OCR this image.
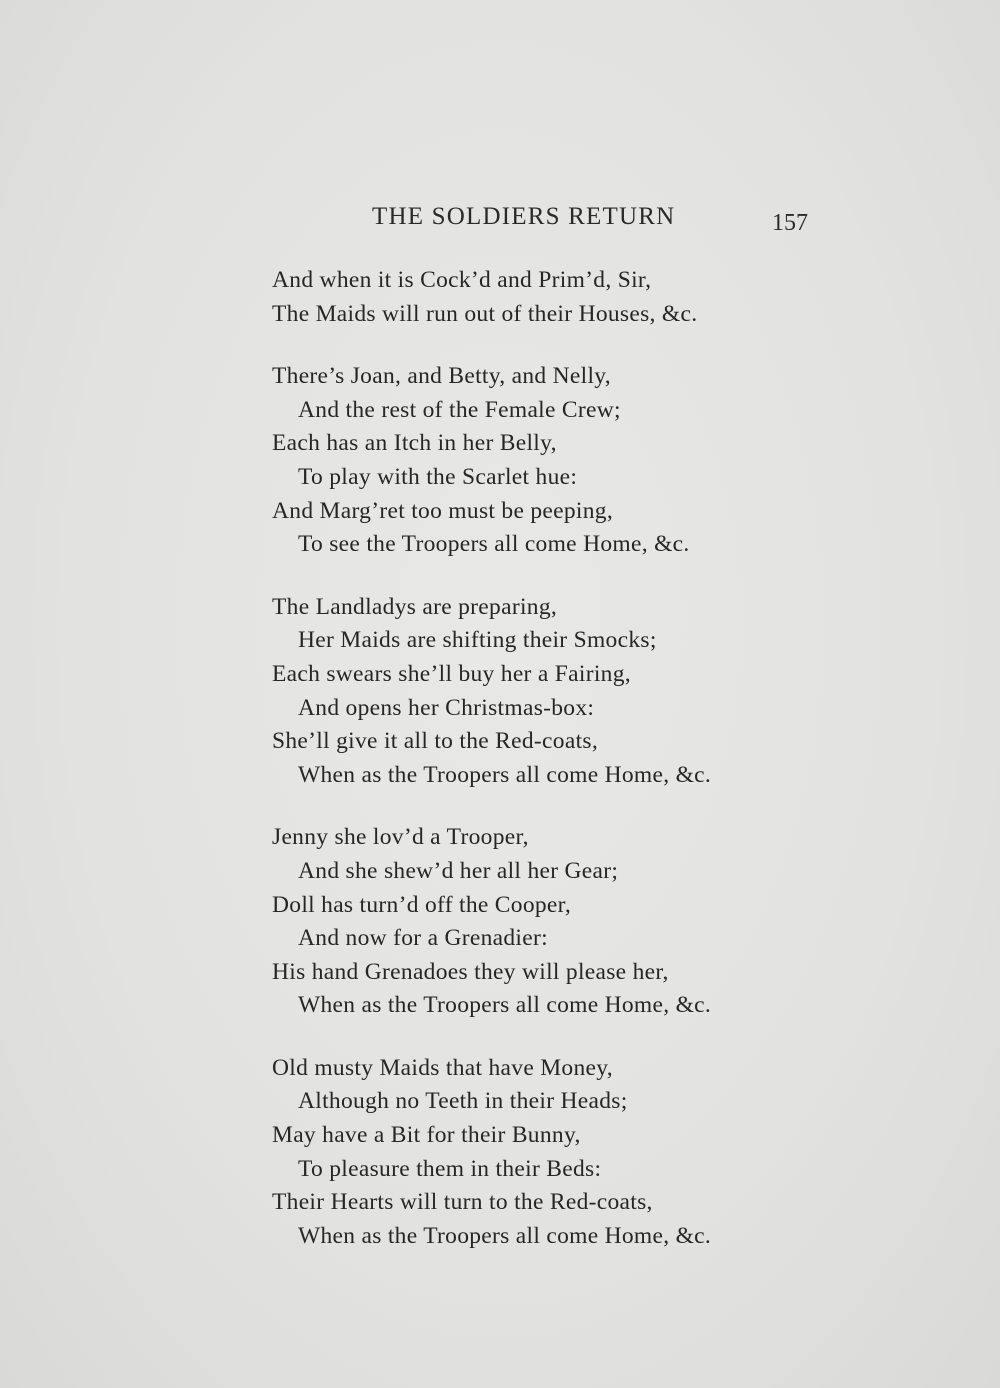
THE SOLDIERS RETURN	157
And when it is Cock’d and Prim’d, Sir,
The Maids will run out of their Houses, &c.
There’s Joan, and Betty, and Nelly,
And the rest of the Female Crew;
Each has an Itch in her Belly,
To play with the Scarlet hue:
And Marg’ret too must be peeping,
To see the Troopers all come Home, &c.
The Landladys are preparing,
Her Maids are shifting their Smocks;
Each swears she’ll buy her a Fairing,
And opens her Christmas-box:
She’ll give it all to the Red-coats,
When as the Troopers all come Home, &c.
Jenny she lov’d a Trooper,
And she shew’d her all her Gear;
Doll has turn’d off the Cooper,
And now for a Grenadier:
His hand Grenadoes they will please her,
When as the Troopers all come Home, &c.
Old musty Maids that have Money,
Although no Teeth in their Heads;
May have a Bit for their Bunny,
To pleasure them in their Beds:
Their Hearts will turn to the Red-coats,
When as the Troopers all come Home, &c.
